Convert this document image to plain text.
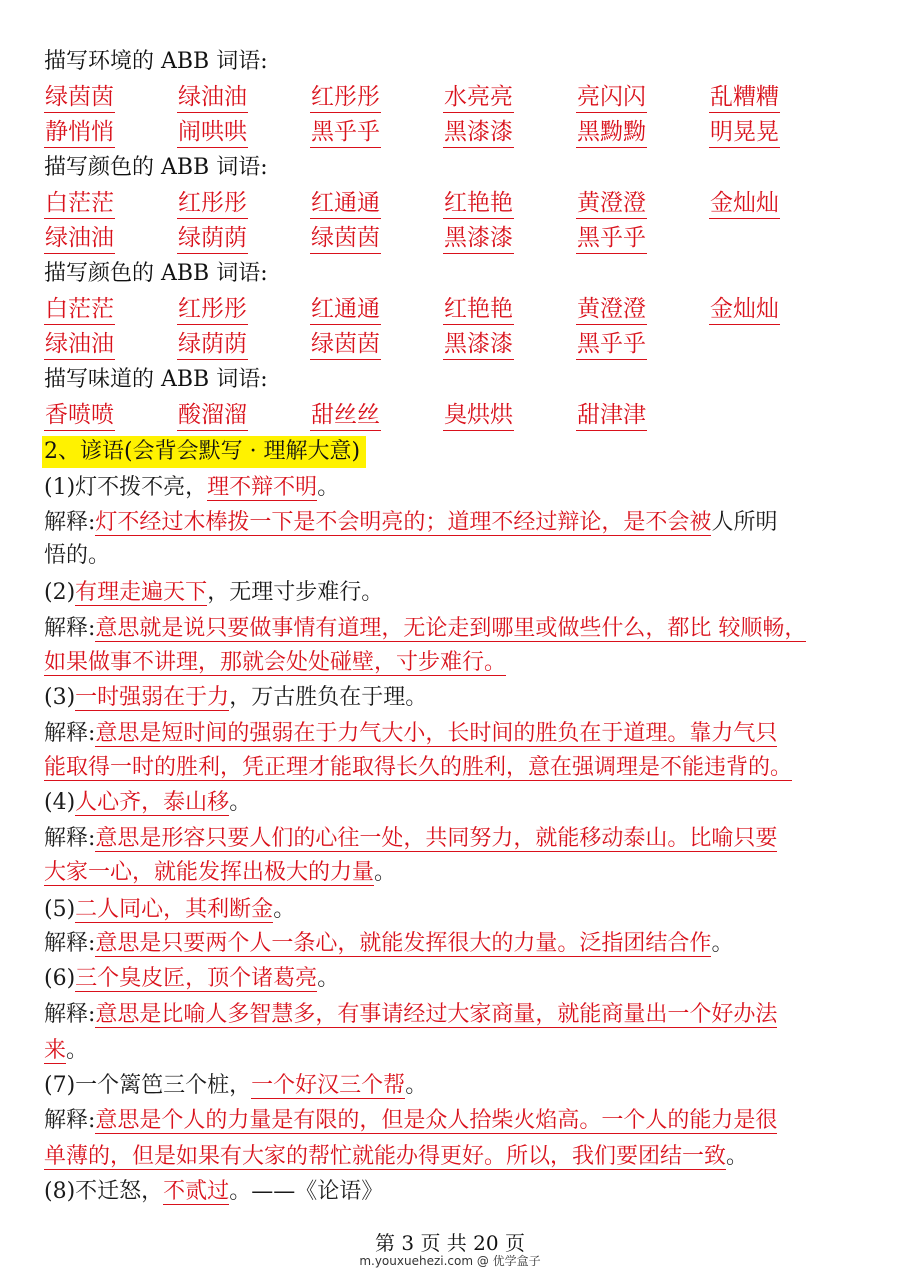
描写环境的 ABB 词语:
绿茵茵	绿油油	红彤彤	水亮亮	亮闪闪	乱糟糟
静悄悄	闹哄哄	黑乎乎	黑漆漆	黑黝黝	明晃晃
描写颜色的 ABB 词语:
白茫茫	红彤彤	红通通	红艳艳	黄澄澄	金灿灿
绿油油	绿荫荫	绿茵茵	黑漆漆	黑乎乎
描写颜色的 ABB 词语:
白茫茫	红彤彤	红通通	红艳艳	黄澄澄	金灿灿
绿油油	绿荫荫	绿茵茵	黑漆漆	黑乎乎
描写味道的 ABB 词语:
香喷喷	酸溜溜	甜丝丝	臭烘烘	甜津津
2、谚语(会背会默写 · 理解大意)
(1)灯不拨不亮，理不辩不明。
解释:灯不经过木棒拨一下是不会明亮的；道理不经过辩论，是不会被人所明
悟的。
(2)有理走遍天下，无理寸步难行。
解释:意思就是说只要做事情有道理，无论走到哪里或做些什么，都比 较顺畅，
如果做事不讲理，那就会处处碰壁，寸步难行。
(3)一时强弱在于力，万古胜负在于理。
解释:意思是短时间的强弱在于力气大小，长时间的胜负在于道理。靠力气只
能取得一时的胜利，凭正理才能取得长久的胜利，意在强调理是不能违背的。
(4)人心齐，泰山移。
解释:意思是形容只要人们的心往一处，共同努力，就能移动泰山。比喻只要
大家一心，就能发挥出极大的力量。
(5)二人同心，其利断金。
解释:意思是只要两个人一条心，就能发挥很大的力量。泛指团结合作。
(6)三个臭皮匠，顶个诸葛亮。
解释:意思是比喻人多智慧多，有事请经过大家商量，就能商量出一个好办法
来。
(7)一个篱笆三个桩，一个好汉三个帮。
解释:意思是个人的力量是有限的，但是众人拾柴火焰高。一个人的能力是很
单薄的，但是如果有大家的帮忙就能办得更好。所以，我们要团结一致。
(8)不迁怒，不贰过。——《论语》
第 3 页 共 20 页
m.youxuehezi.com @ 优学盒子
